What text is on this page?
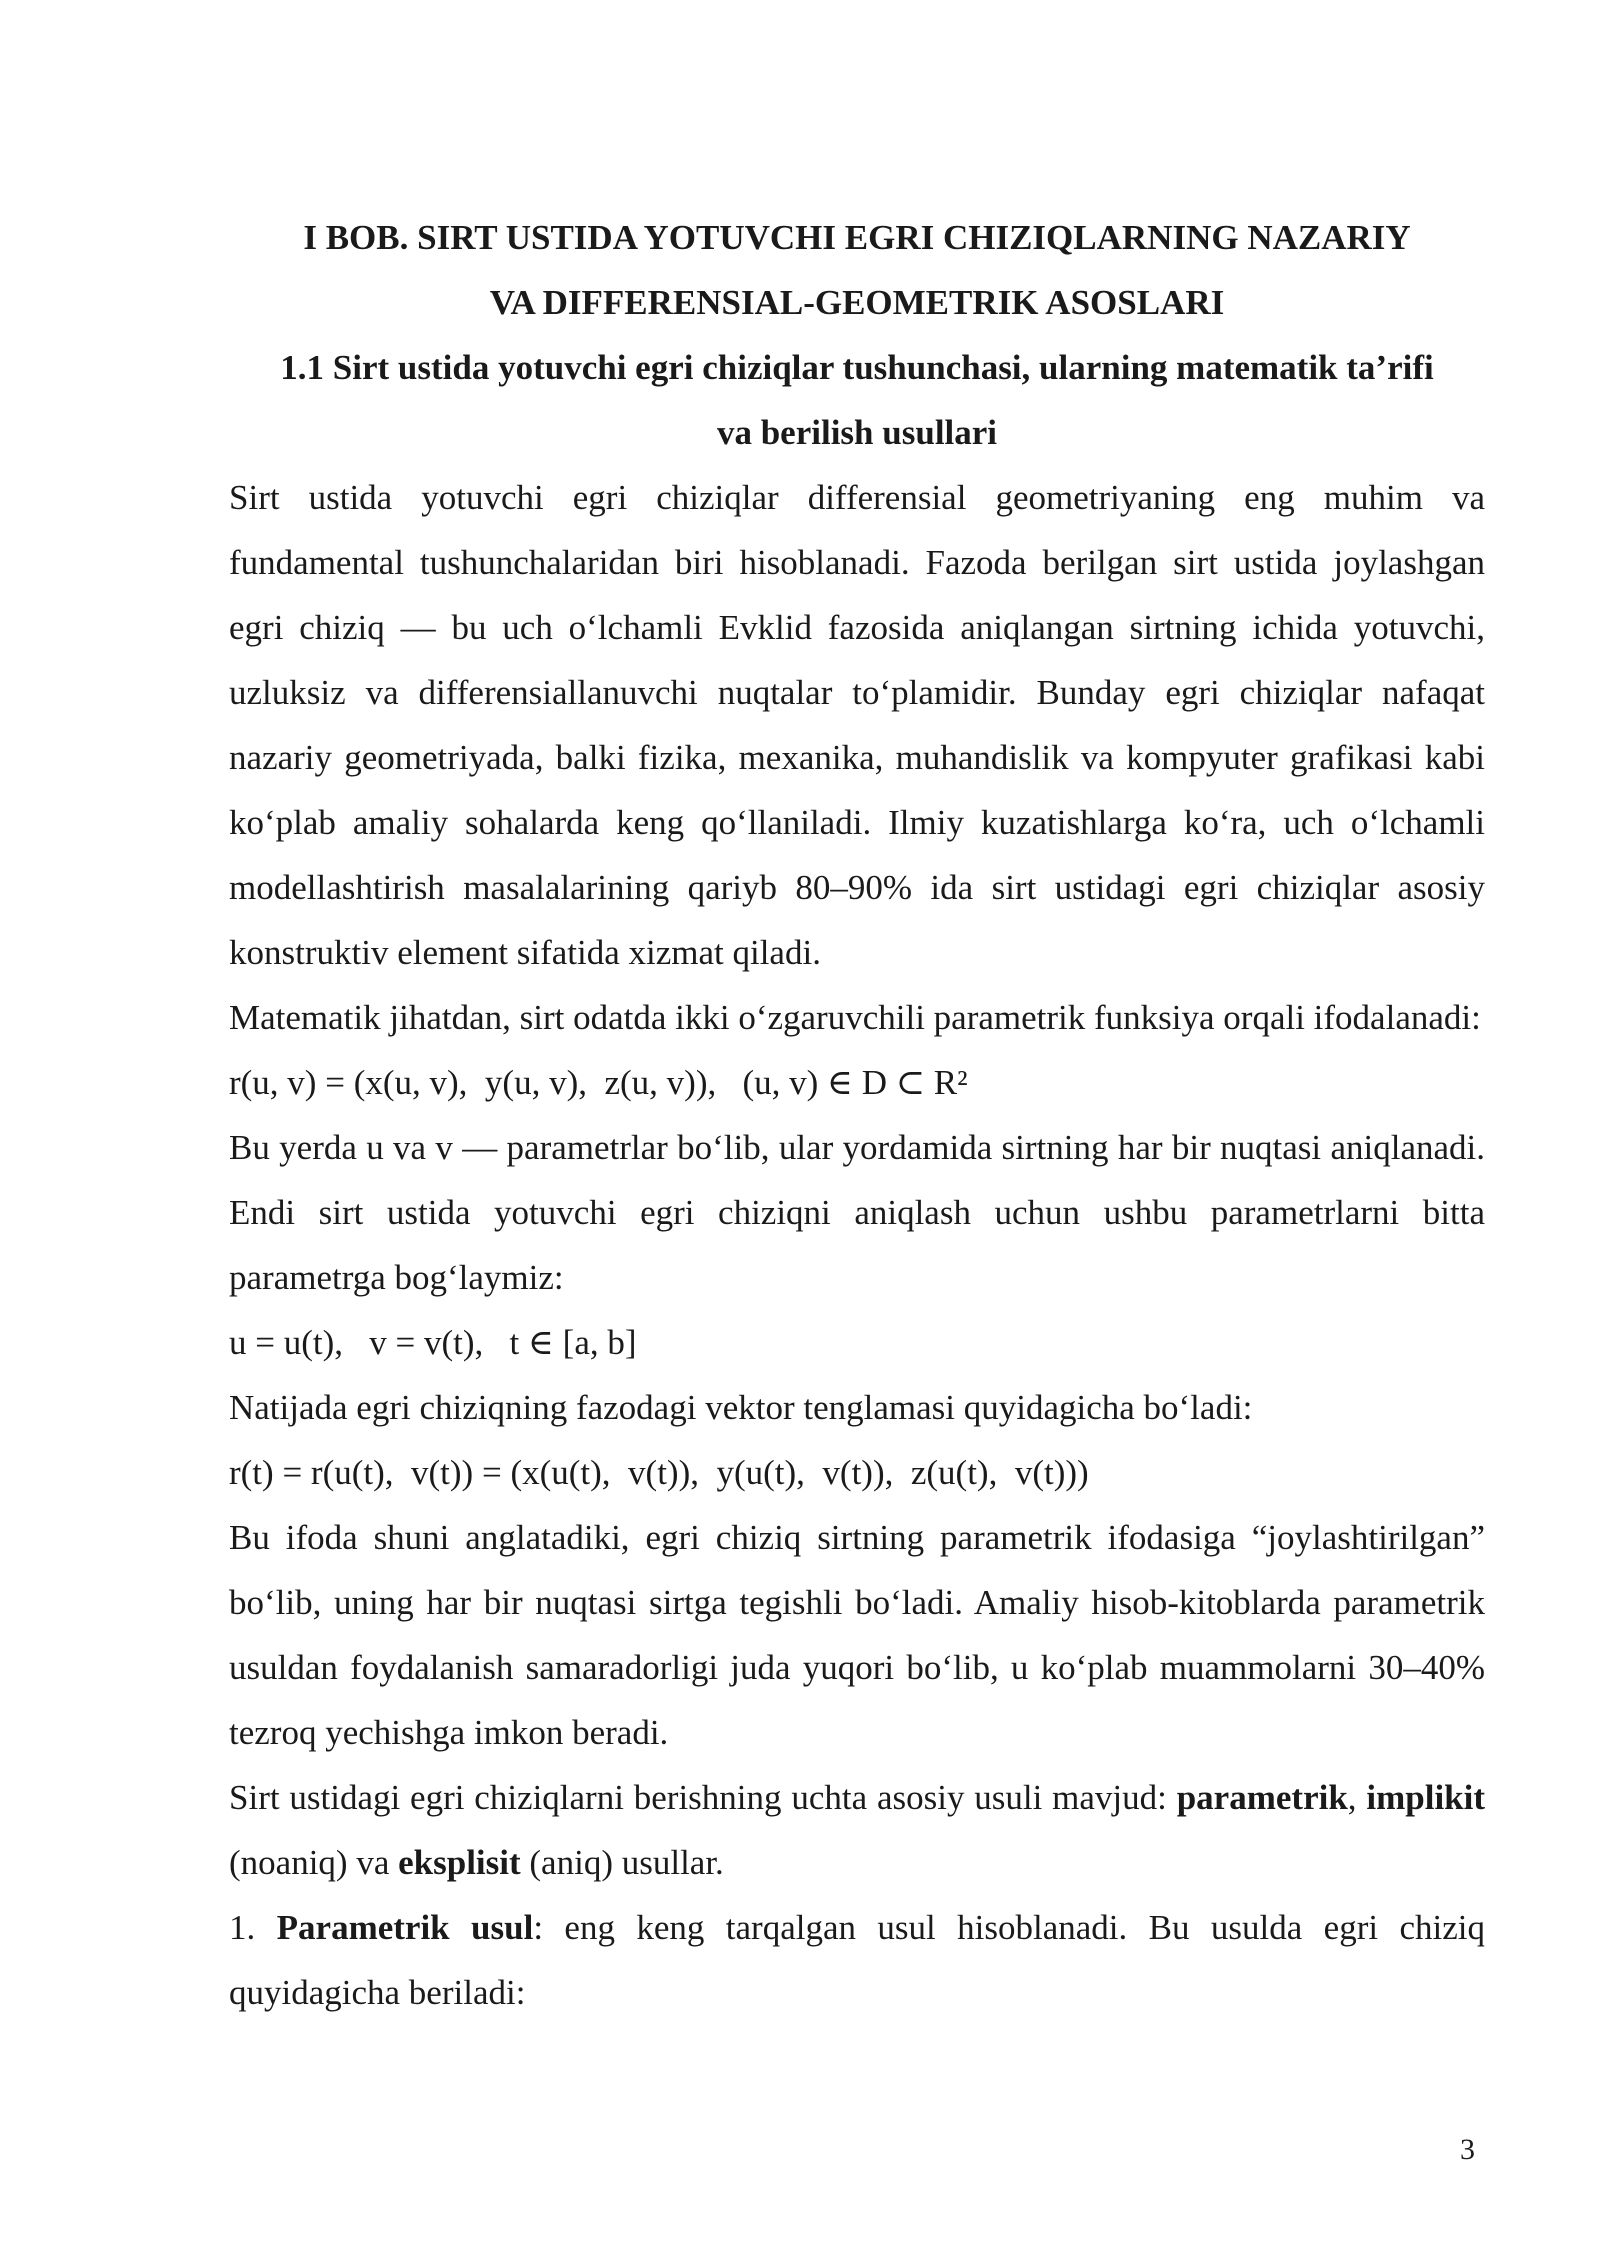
I BOB. SIRT USTIDA YOTUVCHI EGRI CHIZIQLARNING NAZARIY

VA DIFFERENSIAL-GEOMETRIK ASOSLARI

1.1 Sirt ustida yotuvchi egri chiziqlar tushunchasi, ularning matematik ta’rifi

va berilish usullari

Sirt ustida yotuvchi egri chiziqlar differensial geometriyaning eng muhim va fundamental tushunchalaridan biri hisoblanadi. Fazoda berilgan sirt ustida joylashgan egri chiziq — bu uch o‘lchamli Evklid fazosida aniqlangan sirtning ichida yotuvchi, uzluksiz va differensiallanuvchi nuqtalar to‘plamidir. Bunday egri chiziqlar nafaqat nazariy geometriyada, balki fizika, mexanika, muhandislik va kompyuter grafikasi kabi ko‘plab amaliy sohalarda keng qo‘llaniladi. Ilmiy kuzatishlarga ko‘ra, uch o‘lchamli modellashtirish masalalarining qariyb 80–90% ida sirt ustidagi egri chiziqlar asosiy konstruktiv element sifatida xizmat qiladi.

Matematik jihatdan, sirt odatda ikki o‘zgaruvchili parametrik funksiya orqali ifodalanadi:

r(u, v) = (x(u, v),  y(u, v),  z(u, v)),   (u, v) ∈ D ⊂ R²

Bu yerda u va v — parametrlar bo‘lib, ular yordamida sirtning har bir nuqtasi aniqlanadi. Endi sirt ustida yotuvchi egri chiziqni aniqlash uchun ushbu parametrlarni bitta parametrga bog‘laymiz:

u = u(t),   v = v(t),   t ∈ [a, b]

Natijada egri chiziqning fazodagi vektor tenglamasi quyidagicha bo‘ladi:

r(t) = r(u(t),  v(t)) = (x(u(t),  v(t)),  y(u(t),  v(t)),  z(u(t),  v(t)))

Bu ifoda shuni anglatadiki, egri chiziq sirtning parametrik ifodasiga “joylashtirilgan” bo‘lib, uning har bir nuqtasi sirtga tegishli bo‘ladi. Amaliy hisob-kitoblarda parametrik usuldan foydalanish samaradorligi juda yuqori bo‘lib, u ko‘plab muammolarni 30–40% tezroq yechishga imkon beradi.

Sirt ustidagi egri chiziqlarni berishning uchta asosiy usuli mavjud: parametrik, implikit (noaniq) va eksplisit (aniq) usullar.

1. Parametrik usul: eng keng tarqalgan usul hisoblanadi. Bu usulda egri chiziq quyidagicha beriladi:

3
